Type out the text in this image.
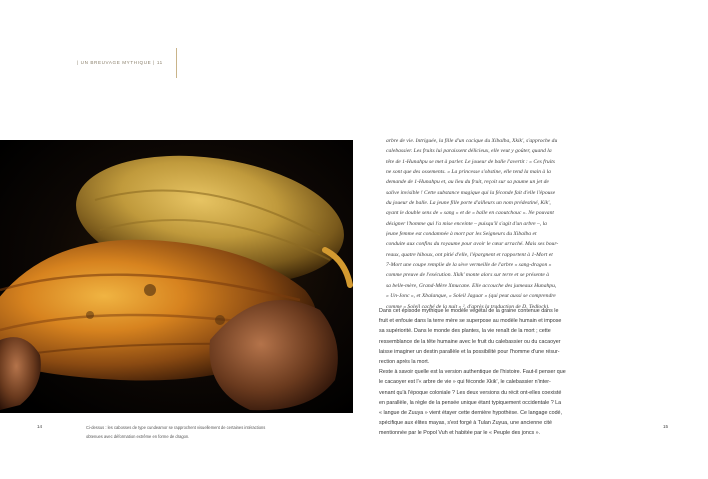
| UN BREUVAGE MYTHIQUE | 11
Ci-dessus : les cabosses de type cundeamor se rapprochent visuellement de certaines intéractions
obtenues avec déformation extrême en forme de dragon.
14	15
arbre de vie. Intriguée, la fille d'un cacique du Xibalba, Xkik', s'approche du
calebassier. Les fruits lui paraissent délicieux, elle veut y goûter, quand la
tête de 1-Hunahpu se met à parler. Le joueur de balle l'avertit : « Ces fruits
ne sont que des ossements. » La princesse s'obstine, elle tend la main à la
demande de 1-Hunahpu et, au lieu du fruit, reçoit sur sa paume un jet de
salive invisible ! Cette substance magique qui la féconde fait d'elle l'épouse
du joueur de balle. La jeune fille porte d'ailleurs un nom prédestiné, Kik',
ayant le double sens de « sang » et de « balle en caoutchouc ». Ne pouvant
désigner l'homme qui l'a mise enceinte – puisqu'il s'agit d'un arbre –, la
jeune femme est condamnée à mort par les Seigneurs du Xibalba et
conduite aux confins du royaume pour avoir le cœur arraché. Mais ses bour-
reaux, quatre hiboux, ont pitié d'elle, l'épargnent et rapportent à 1-Mort et
7-Mort une coupe remplie de la sève vermeille de l'arbre « sang-dragon »
comme preuve de l'exécution. Xkik' monte alors sur terre et se présente à
sa belle-mère, Grand-Mère Xmucane. Elle accouche des jumeaux Hunahpu,
« Un-Jonc », et Xbalanque, « Soleil Jaguar » (qui peut aussi se comprendre
comme « Soleil caché de la nuit » ², d'après la traduction de D. Tedlock).
Dans cet épisode mythique le modèle végétal de la graine contenue dans le
fruit et enfouie dans la terre mère se superpose au modèle humain et impose
sa supériorité. Dans le monde des plantes, la vie renaît de la mort ; cette
ressemblance de la tête humaine avec le fruit du calebassier ou du cacaoyer
laisse imaginer un destin parallèle et la possibilité pour l'homme d'une résur-
rection après la mort.
Reste à savoir quelle est la version authentique de l'histoire. Faut-il penser que
le cacaoyer est l'« arbre de vie » qui féconde Xkik', le calebassier n'inter-
venant qu'à l'époque coloniale ? Les deux versions du récit ont-elles coexisté
en parallèle, la règle de la pensée unique étant typiquement occidentale ? La
« langue de Zuuya » vient étayer cette dernière hypothèse. Ce langage codé,
spécifique aux élites mayas, s'est forgé à Tulan Zuyua, une ancienne cité
mentionnée par le Popol Vuh et habitée par le « Peuple des joncs ».
